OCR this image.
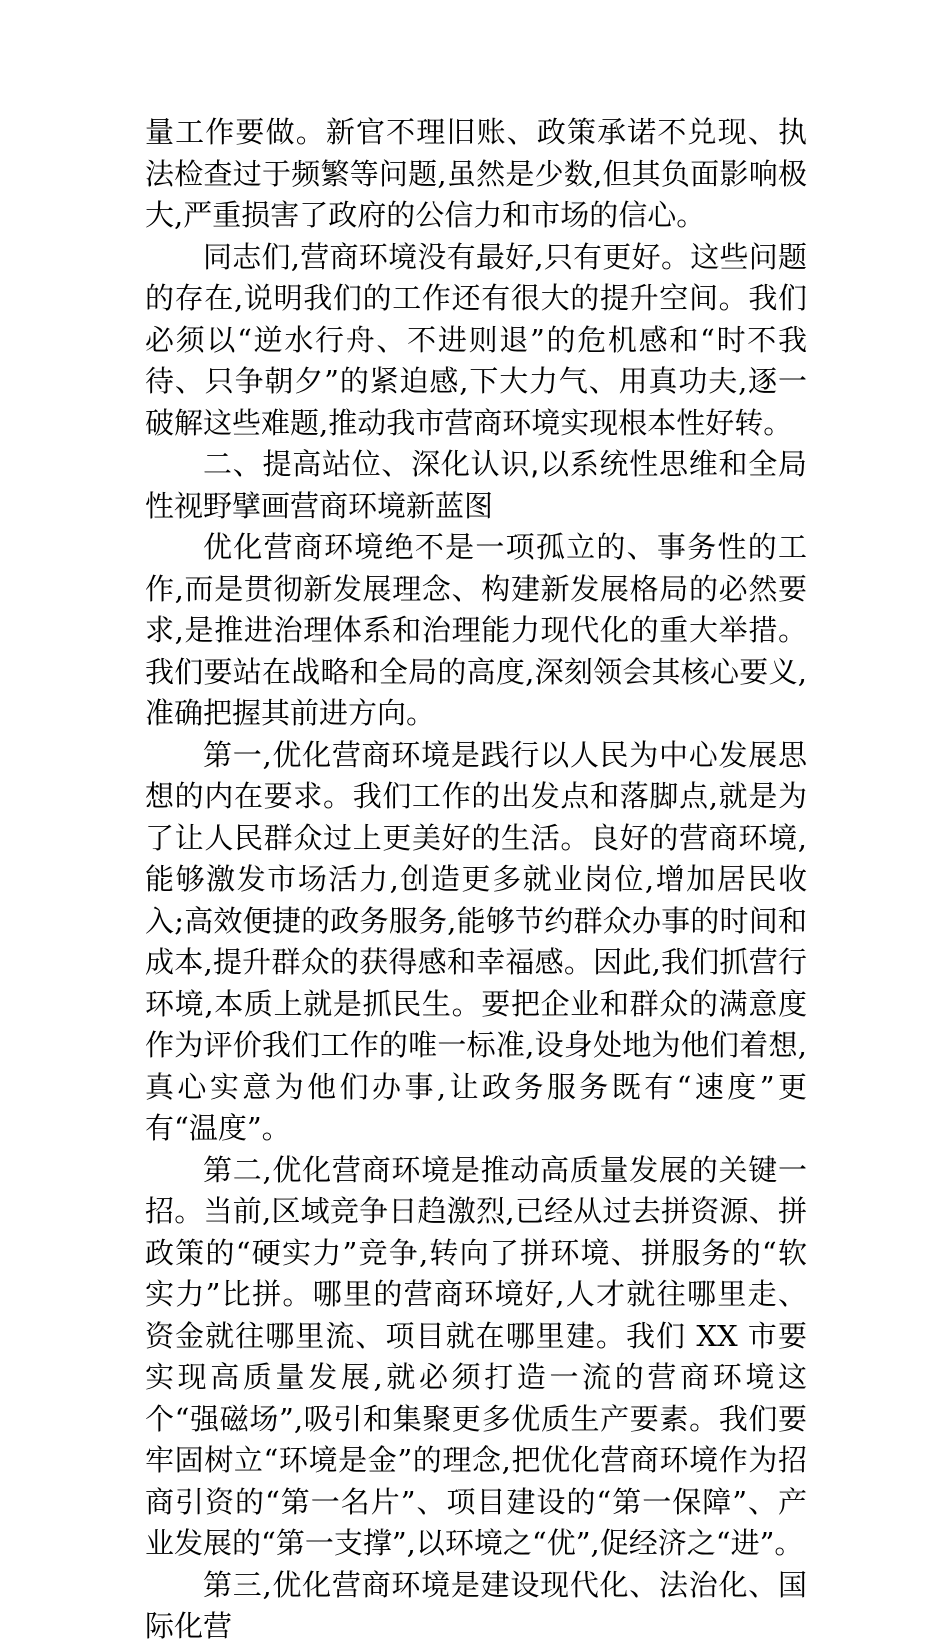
量工作要做。新官不理旧账、政策承诺不兑现、执法检查过于频繁等问题,虽然是少数,但其负面影响极大,严重损害了政府的公信力和市场的信心。

同志们,营商环境没有最好,只有更好。这些问题的存在,说明我们的工作还有很大的提升空间。我们必须以“逆水行舟、不进则退”的危机感和“时不我待、只争朝夕”的紧迫感,下大力气、用真功夫,逐一破解这些难题,推动我市营商环境实现根本性好转。

二、提高站位、深化认识,以系统性思维和全局性视野擘画营商环境新蓝图

优化营商环境绝不是一项孤立的、事务性的工作,而是贯彻新发展理念、构建新发展格局的必然要求,是推进治理体系和治理能力现代化的重大举措。我们要站在战略和全局的高度,深刻领会其核心要义,准确把握其前进方向。

第一,优化营商环境是践行以人民为中心发展思想的内在要求。我们工作的出发点和落脚点,就是为了让人民群众过上更美好的生活。良好的营商环境,能够激发市场活力,创造更多就业岗位,增加居民收入;高效便捷的政务服务,能够节约群众办事的时间和成本,提升群众的获得感和幸福感。因此,我们抓营行环境,本质上就是抓民生。要把企业和群众的满意度作为评价我们工作的唯一标准,设身处地为他们着想,真心实意为他们办事,让政务服务既有“速度”更有“温度”。

第二,优化营商环境是推动高质量发展的关键一招。当前,区域竞争日趋激烈,已经从过去拼资源、拼政策的“硬实力”竞争,转向了拼环境、拼服务的“软实力”比拼。哪里的营商环境好,人才就往哪里走、资金就往哪里流、项目就在哪里建。我们 XX 市要实现高质量发展,就必须打造一流的营商环境这个“强磁场”,吸引和集聚更多优质生产要素。我们要牢固树立“环境是金”的理念,把优化营商环境作为招商引资的“第一名片”、项目建设的“第一保障”、产业发展的“第一支撑”,以环境之“优”,促经济之“进”。

第三,优化营商环境是建设现代化、法治化、国际化营
